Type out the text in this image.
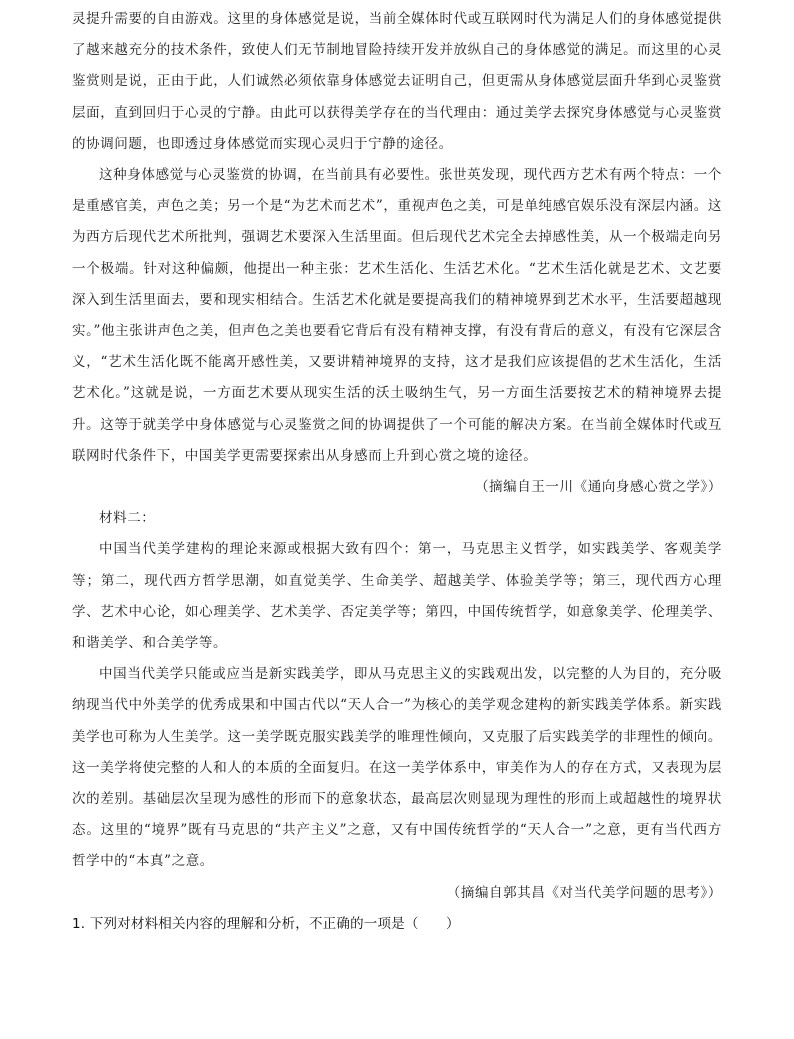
灵提升需要的自由游戏。这里的身体感觉是说，当前全媒体时代或互联网时代为满足人们的身体感觉提供了越来越充分的技术条件，致使人们无节制地冒险持续开发并放纵自己的身体感觉的满足。而这里的心灵鉴赏则是说，正由于此，人们诚然必须依靠身体感觉去证明自己，但更需从身体感觉层面升华到心灵鉴赏层面，直到回归于心灵的宁静。由此可以获得美学存在的当代理由：通过美学去探究身体感觉与心灵鉴赏的协调问题，也即透过身体感觉而实现心灵归于宁静的途径。

这种身体感觉与心灵鉴赏的协调，在当前具有必要性。张世英发现，现代西方艺术有两个特点：一个是重感官美，声色之美；另一个是“为艺术而艺术”，重视声色之美，可是单纯感官娱乐没有深层内涵。这为西方后现代艺术所批判，强调艺术要深入生活里面。但后现代艺术完全去掉感性美，从一个极端走向另一个极端。针对这种偏颇，他提出一种主张：艺术生活化、生活艺术化。“艺术生活化就是艺术、文艺要深入到生活里面去，要和现实相结合。生活艺术化就是要提高我们的精神境界到艺术水平，生活要超越现实。”他主张讲声色之美，但声色之美也要看它背后有没有精神支撑，有没有背后的意义，有没有它深层含义，“艺术生活化既不能离开感性美，又要讲精神境界的支持，这才是我们应该提倡的艺术生活化，生活艺术化。”这就是说，一方面艺术要从现实生活的沃土吸纳生气，另一方面生活要按艺术的精神境界去提升。这等于就美学中身体感觉与心灵鉴赏之间的协调提供了一个可能的解决方案。在当前全媒体时代或互联网时代条件下，中国美学更需要探索出从身感而上升到心赏之境的途径。

（摘编自王一川《通向身感心赏之学》）

材料二：

中国当代美学建构的理论来源或根据大致有四个：第一，马克思主义哲学，如实践美学、客观美学等；第二，现代西方哲学思潮，如直觉美学、生命美学、超越美学、体验美学等；第三，现代西方心理学、艺术中心论，如心理美学、艺术美学、否定美学等；第四，中国传统哲学，如意象美学、伦理美学、和谐美学、和合美学等。

中国当代美学只能或应当是新实践美学，即从马克思主义的实践观出发，以完整的人为目的，充分吸纳现当代中外美学的优秀成果和中国古代以“天人合一”为核心的美学观念建构的新实践美学体系。新实践美学也可称为人生美学。这一美学既克服实践美学的唯理性倾向，又克服了后实践美学的非理性的倾向。这一美学将使完整的人和人的本质的全面复归。在这一美学体系中，审美作为人的存在方式，又表现为层次的差别。基础层次呈现为感性的形而下的意象状态，最高层次则显现为理性的形而上或超越性的境界状态。这里的“境界”既有马克思的“共产主义”之意，又有中国传统哲学的“天人合一”之意，更有当代西方哲学中的“本真”之意。

（摘编自郭其昌《对当代美学问题的思考》）

1. 下列对材料相关内容的理解和分析，不正确的一项是（　　）
